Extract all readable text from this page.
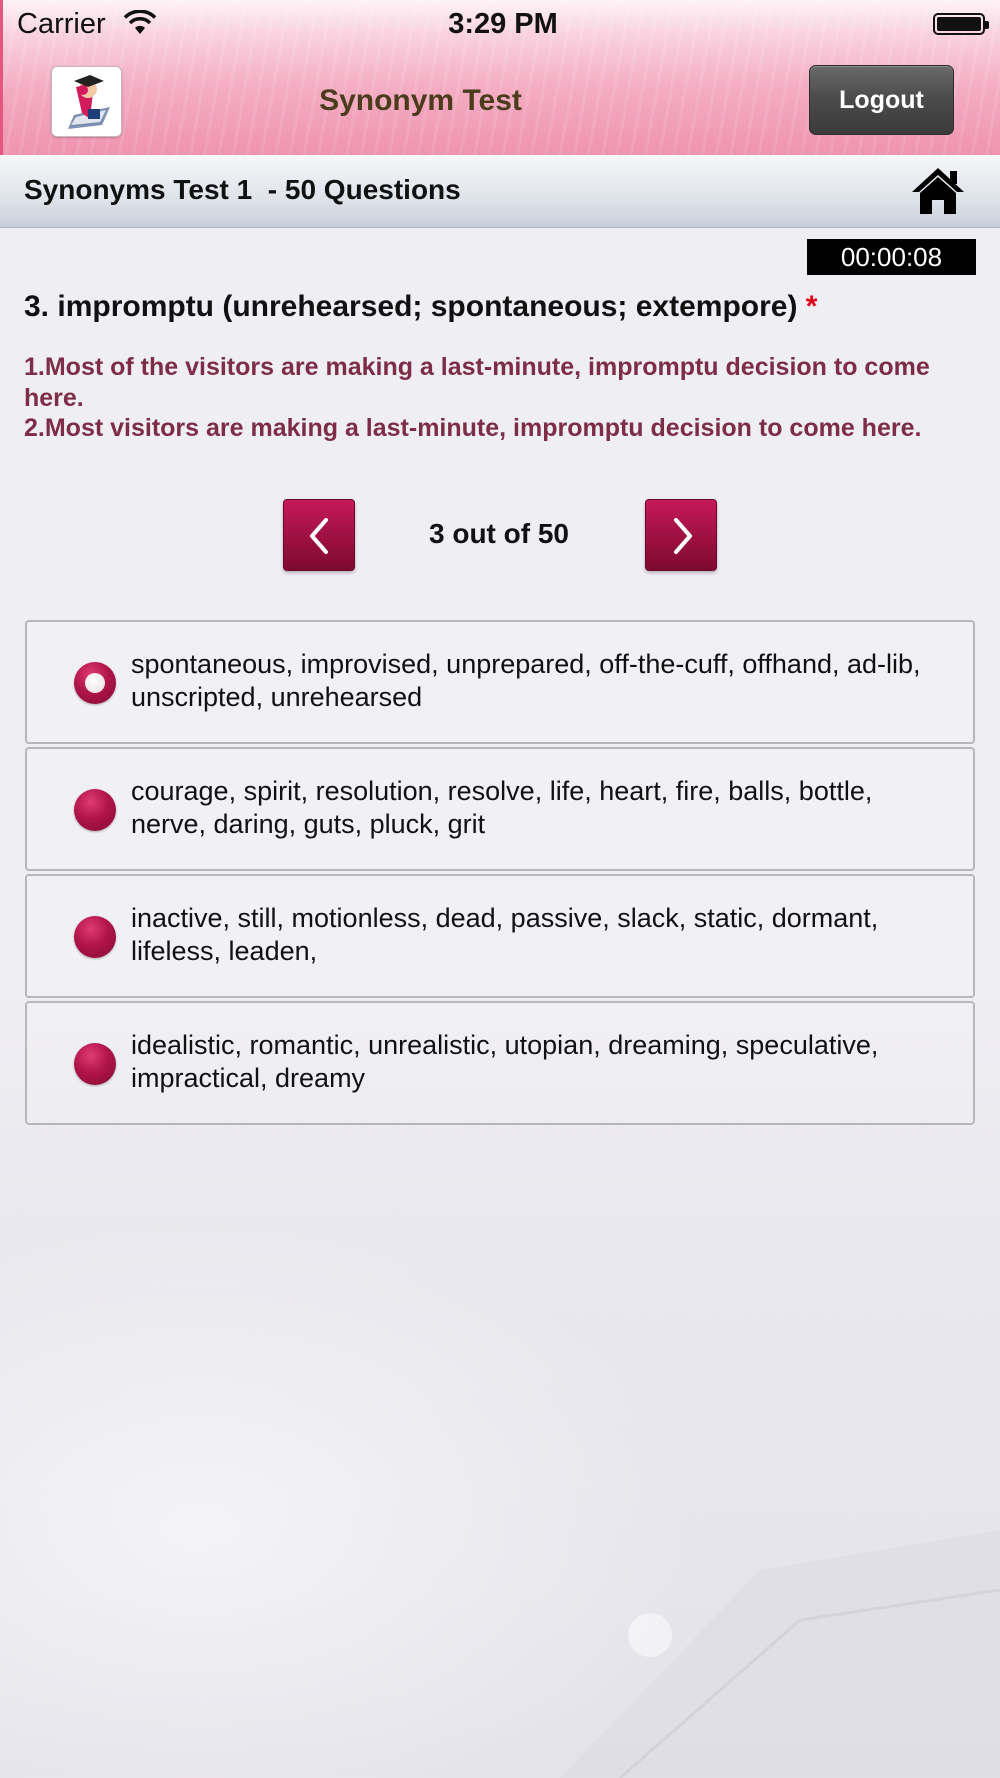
Carrier	3:29 PM
Synonym Test	Logout
Synonyms Test 1  - 50 Questions
00:00:08
3. impromptu (unrehearsed; spontaneous; extempore) *
1.Most of the visitors are making a last-minute, impromptu decision to come here.
2.Most visitors are making a last-minute, impromptu decision to come here.
3 out of 50
spontaneous, improvised, unprepared, off-the-cuff, offhand, ad-lib, unscripted, unrehearsed
courage, spirit, resolution, resolve, life, heart, fire, balls, bottle, nerve, daring, guts, pluck, grit
inactive, still, motionless, dead, passive, slack, static, dormant, lifeless, leaden,
idealistic, romantic, unrealistic, utopian, dreaming, speculative, impractical, dreamy
